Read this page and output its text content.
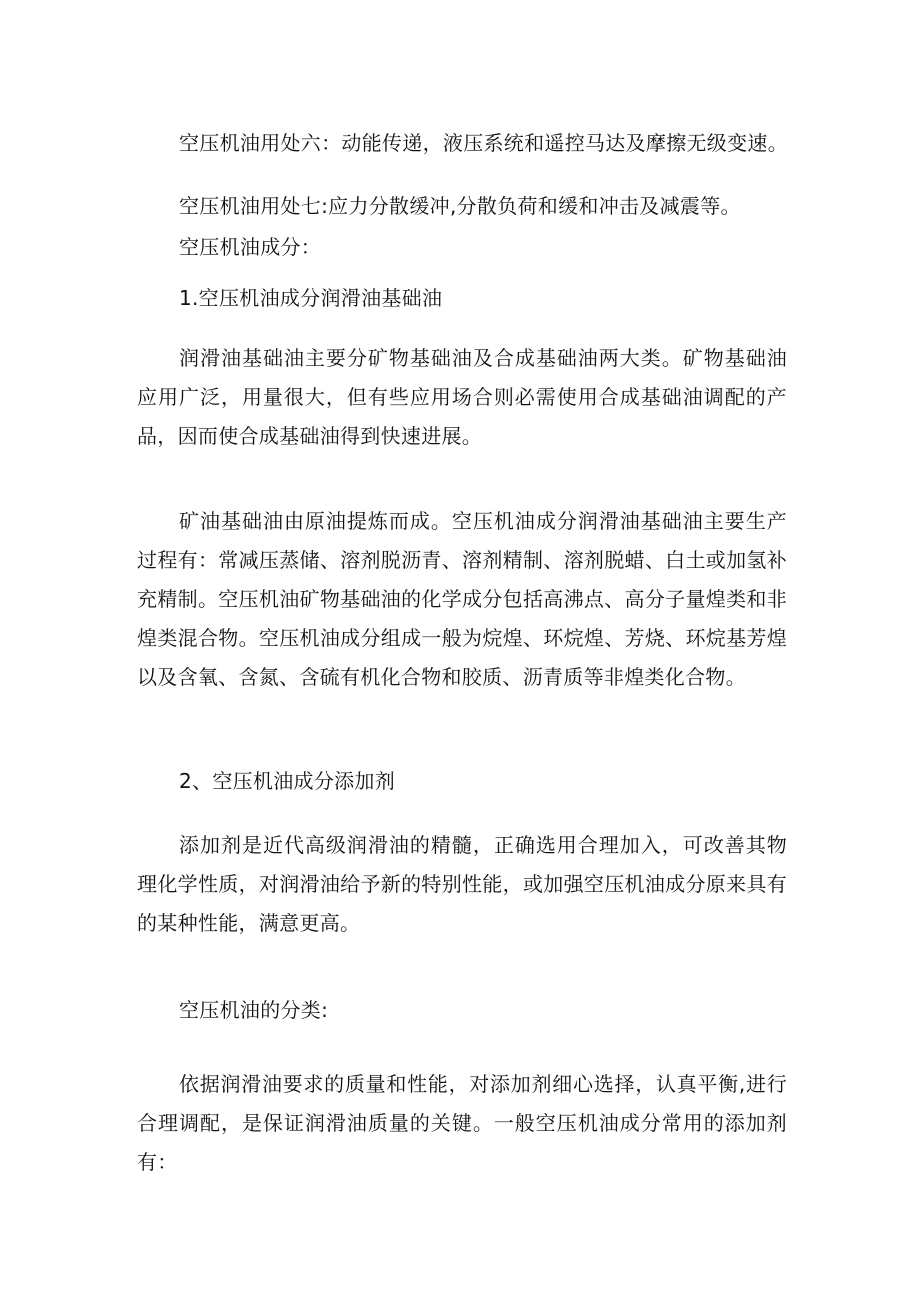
空压机油用处六：动能传递，液压系统和遥控马达及摩擦无级变速。

空压机油用处七:应力分散缓冲,分散负荷和缓和冲击及减震等。

空压机油成分：

1.空压机油成分润滑油基础油

润滑油基础油主要分矿物基础油及合成基础油两大类。矿物基础油应用广泛，用量很大，但有些应用场合则必需使用合成基础油调配的产品，因而使合成基础油得到快速进展。

矿油基础油由原油提炼而成。空压机油成分润滑油基础油主要生产过程有：常减压蒸储、溶剂脱沥青、溶剂精制、溶剂脱蜡、白土或加氢补充精制。空压机油矿物基础油的化学成分包括高沸点、高分子量煌类和非煌类混合物。空压机油成分组成一般为烷煌、环烷煌、芳烧、环烷基芳煌以及含氧、含氮、含硫有机化合物和胶质、沥青质等非煌类化合物。

2、空压机油成分添加剂

添加剂是近代高级润滑油的精髓，正确选用合理加入，可改善其物理化学性质，对润滑油给予新的特别性能，或加强空压机油成分原来具有的某种性能，满意更高。

空压机油的分类:

依据润滑油要求的质量和性能，对添加剂细心选择，认真平衡,进行合理调配，是保证润滑油质量的关键。一般空压机油成分常用的添加剂有：
